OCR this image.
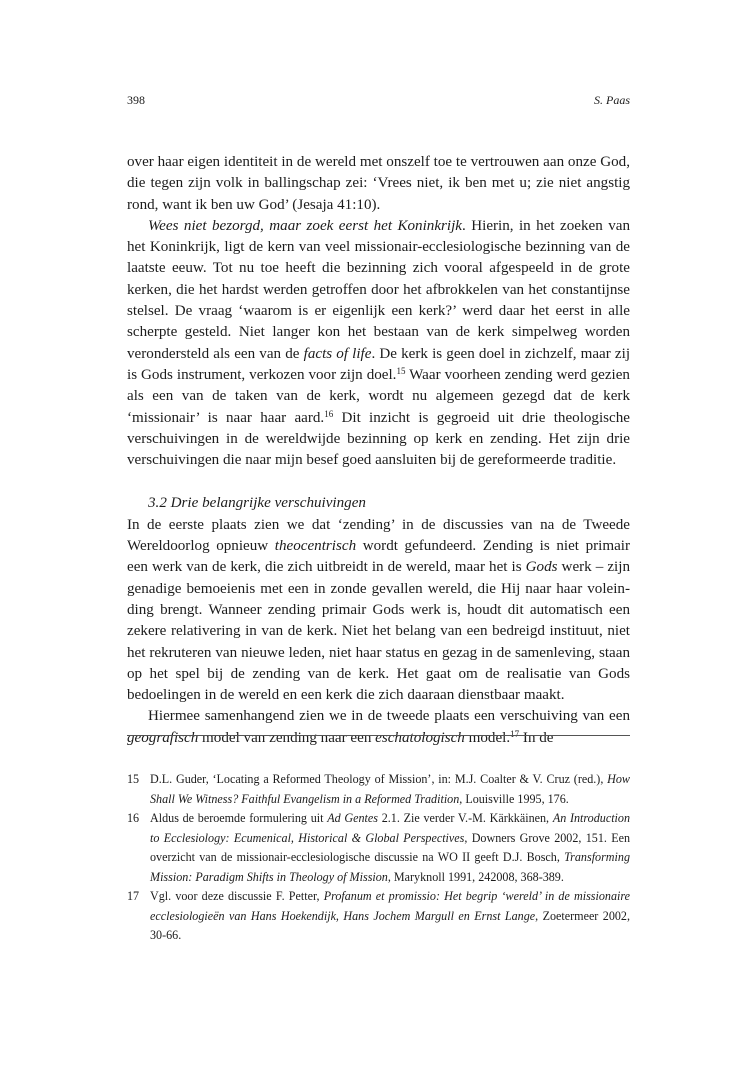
398	S. Paas

over haar eigen identiteit in de wereld met onszelf toe te vertrouwen aan onze God, die tegen zijn volk in ballingschap zei: ‘Vrees niet, ik ben met u; zie niet angstig rond, want ik ben uw God’ (Jesaja 41:10).

Wees niet bezorgd, maar zoek eerst het Koninkrijk. Hierin, in het zoeken van het Koninkrijk, ligt de kern van veel missionair-ecclesiologische bezinning van de laatste eeuw. Tot nu toe heeft die bezinning zich vooral afgespeeld in de grote kerken, die het hardst werden getroffen door het afbrokkelen van het constantijnse stelsel. De vraag ‘waarom is er eigenlijk een kerk?’ werd daar het eerst in alle scherpte gesteld. Niet langer kon het bestaan van de kerk simpelweg worden verondersteld als een van de facts of life. De kerk is geen doel in zichzelf, maar zij is Gods instrument, verkozen voor zijn doel.$^{15}$ Waar voorheen zending werd gezien als een van de taken van de kerk, wordt nu algemeen gezegd dat de kerk ‘missionair’ is naar haar aard.$^{16}$ Dit inzicht is gegroeid uit drie theologische verschuivingen in de wereldwijde bezinning op kerk en zending. Het zijn drie verschuivingen die naar mijn besef goed aansluiten bij de gereformeerde traditie.

3.2 Drie belangrijke verschuivingen

In de eerste plaats zien we dat ‘zending’ in de discussies van na de Tweede Wereldoorlog opnieuw theocentrisch wordt gefundeerd. Zending is niet primair een werk van de kerk, die zich uitbreidt in de wereld, maar het is Gods werk – zijn genadige bemoeienis met een in zonde gevallen wereld, die Hij naar haar voleinding brengt. Wanneer zending primair Gods werk is, houdt dit automatisch een zekere relativering in van de kerk. Niet het belang van een bedreigd instituut, niet het rekruteren van nieuwe leden, niet haar status en gezag in de samenleving, staan op het spel bij de zending van de kerk. Het gaat om de realisatie van Gods bedoelingen in de wereld en een kerk die zich daaraan dienstbaar maakt.

Hiermee samenhangend zien we in de tweede plaats een verschuiving van een geografisch model van zending naar een eschatologisch model.$^{17}$ In de

15 D.L. Guder, ‘Locating a Reformed Theology of Mission’, in: M.J. Coalter & V. Cruz (red.), How Shall We Witness? Faithful Evangelism in a Reformed Tradition, Louisville 1995, 176.

16 Aldus de beroemde formulering uit Ad Gentes 2.1. Zie verder V.-M. Kärkkäinen, An Introduction to Ecclesiology: Ecumenical, Historical & Global Perspectives, Downers Grove 2002, 151. Een overzicht van de missionair-ecclesiologische discussie na WO II geeft D.J. Bosch, Transforming Mission: Paradigm Shifts in Theology of Mission, Maryknoll 1991, 242008, 368-389.

17 Vgl. voor deze discussie F. Petter, Profanum et promissio: Het begrip ‘wereld’ in de missionaire ecclesiologieën van Hans Hoekendijk, Hans Jochem Margull en Ernst Lange, Zoetermeer 2002, 30-66.
